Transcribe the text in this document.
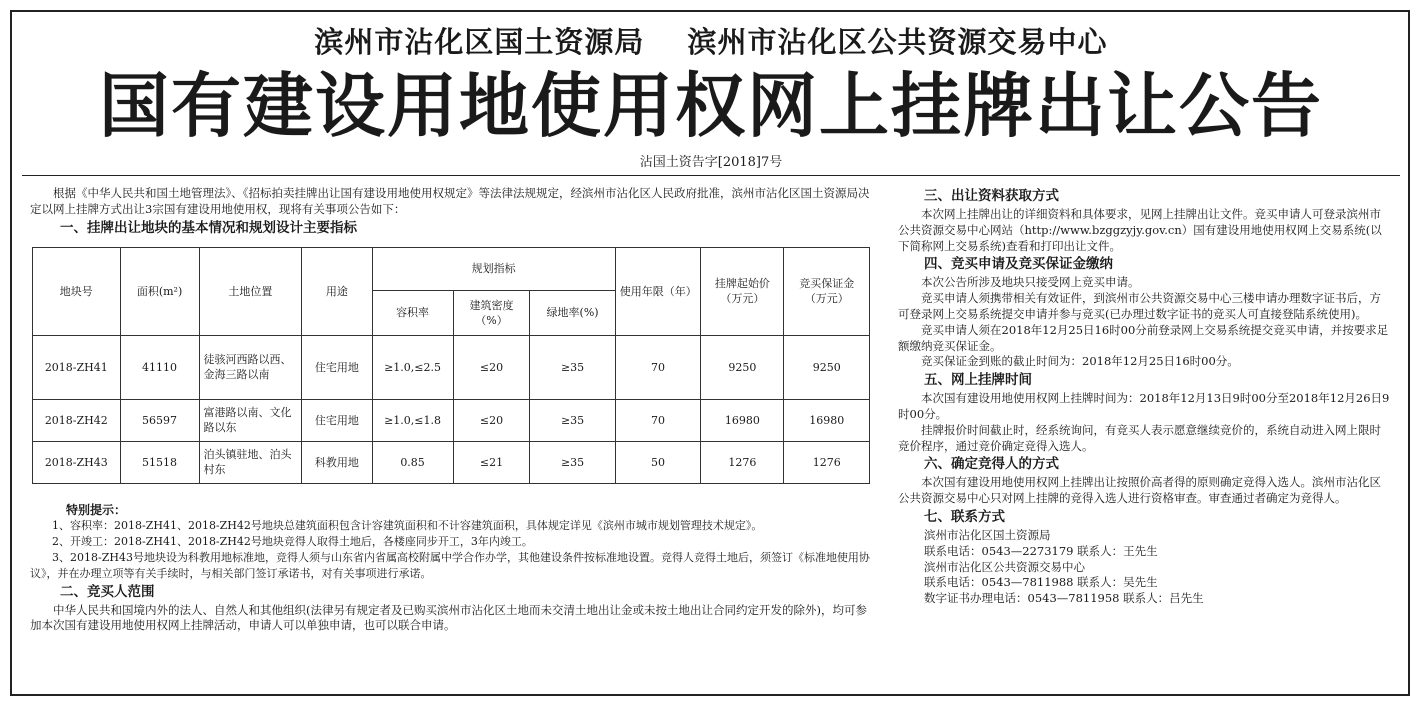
滨州市沾化区国土资源局 滨州市沾化区公共资源交易中心
国有建设用地使用权网上挂牌出让公告
沾国土资告字[2018]7号

根据《中华人民共和国土地管理法》、《招标拍卖挂牌出让国有建设用地使用权规定》等法律法规规定，经滨州市沾化区人民政府批准，滨州市沾化区国土资源局决定以网上挂牌方式出让3宗国有建设用地使用权，现将有关事项公告如下：

一、挂牌出让地块的基本情况和规划设计主要指标
地块号	面积(m²)	土地位置	用途	规划指标			使用年限（年）	挂牌起始价（万元）	竞买保证金（万元）
				容积率	建筑密度（%）	绿地率(%)			
2018-ZH41	41110	徒骇河西路以西、金海三路以南	住宅用地	≥1.0,≤2.5	≤20	≥35	70	9250	9250
2018-ZH42	56597	富港路以南、文化路以东	住宅用地	≥1.0,≤1.8	≤20	≥35	70	16980	16980
2018-ZH43	51518	泊头镇驻地、泊头村东	科教用地	0.85	≤21	≥35	50	1276	1276
特别提示：

1、容积率：2018-ZH41、2018-ZH42号地块总建筑面积包含计容建筑面积和不计容建筑面积，具体规定详见《滨州市城市规划管理技术规定》。

2、开竣工：2018-ZH41、2018-ZH42号地块竞得人取得土地后，各楼座同步开工，3年内竣工。

3、2018-ZH43号地块设为科教用地标准地，竞得人须与山东省内省属高校附属中学合作办学，其他建设条件按标准地设置。竞得人竞得土地后，须签订《标准地使用协议》，并在办理立项等有关手续时，与相关部门签订承诺书，对有关事项进行承诺。

二、竞买人范围

中华人民共和国境内外的法人、自然人和其他组织(法律另有规定者及已购买滨州市沾化区土地而未交清土地出让金或未按土地出让合同约定开发的除外)，均可参加本次国有建设用地使用权网上挂牌活动，申请人可以单独申请，也可以联合申请。

三、出让资料获取方式

本次网上挂牌出让的详细资料和具体要求，见网上挂牌出让文件。竞买申请人可登录滨州市公共资源交易中心网站（http://www.bzggzyjy.gov.cn）国有建设用地使用权网上交易系统(以下简称网上交易系统)查看和打印出让文件。

四、竞买申请及竞买保证金缴纳

本次公告所涉及地块只接受网上竞买申请。

竞买申请人须携带相关有效证件，到滨州市公共资源交易中心三楼申请办理数字证书后，方可登录网上交易系统提交申请并参与竞买(已办理过数字证书的竞买人可直接登陆系统使用)。

竞买申请人须在2018年12月25日16时00分前登录网上交易系统提交竞买申请，并按要求足额缴纳竞买保证金。

竞买保证金到账的截止时间为：2018年12月25日16时00分。

五、网上挂牌时间

本次国有建设用地使用权网上挂牌时间为：2018年12月13日9时00分至2018年12月26日9时00分。

挂牌报价时间截止时，经系统询问，有竞买人表示愿意继续竞价的，系统自动进入网上限时竞价程序，通过竞价确定竞得入选人。

六、确定竞得人的方式

本次国有建设用地使用权网上挂牌出让按照价高者得的原则确定竞得入选人。滨州市沾化区公共资源交易中心只对网上挂牌的竞得入选人进行资格审查。审查通过者确定为竞得人。

七、联系方式

滨州市沾化区国土资源局

联系电话：0543—2273179 联系人：王先生

滨州市沾化区公共资源交易中心

联系电话：0543—7811988 联系人：吴先生

数字证书办理电话：0543—7811958 联系人：吕先生
